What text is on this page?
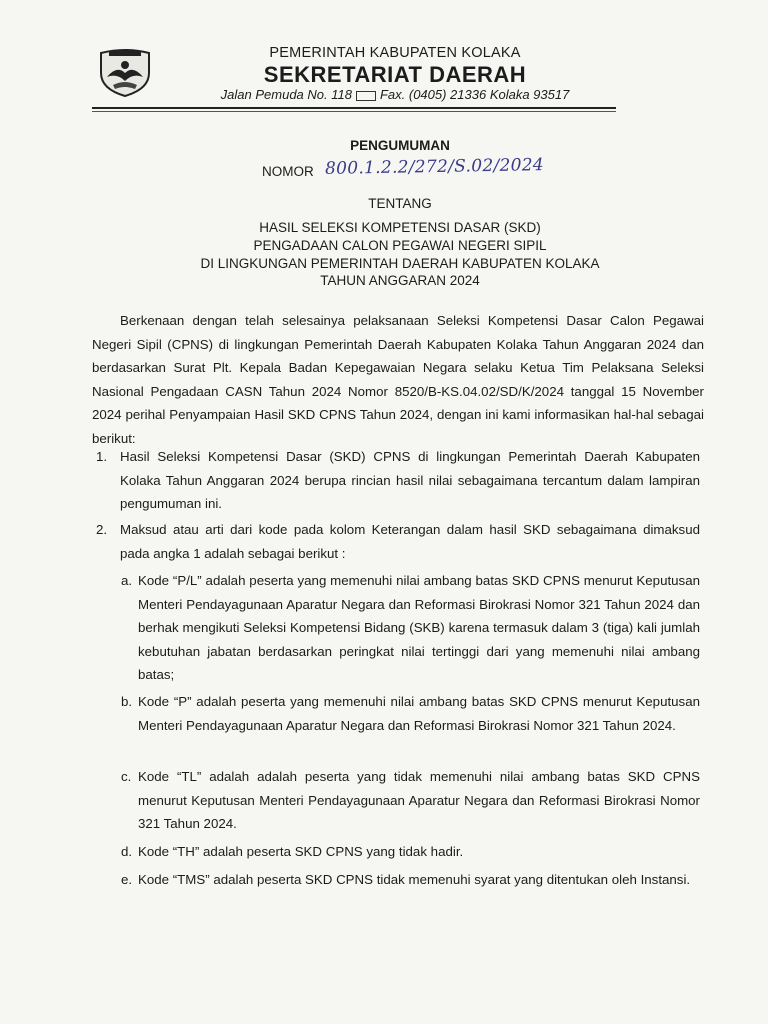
PEMERINTAH KABUPATEN KOLAKA
SEKRETARIAT DAERAH
Jalan Pemuda No. 118 Fax. (0405) 21336 Kolaka 93517
PENGUMUMAN
NOMOR 800.1.2.2/272/S.02/2024
TENTANG
HASIL SELEKSI KOMPETENSI DASAR (SKD)
PENGADAAN CALON PEGAWAI NEGERI SIPIL
DI LINGKUNGAN PEMERINTAH DAERAH KABUPATEN KOLAKA
TAHUN ANGGARAN 2024
Berkenaan dengan telah selesainya pelaksanaan Seleksi Kompetensi Dasar Calon Pegawai Negeri Sipil (CPNS) di lingkungan Pemerintah Daerah Kabupaten Kolaka Tahun Anggaran 2024 dan berdasarkan Surat Plt. Kepala Badan Kepegawaian Negara selaku Ketua Tim Pelaksana Seleksi Nasional Pengadaan CASN Tahun 2024 Nomor 8520/B-KS.04.02/SD/K/2024 tanggal 15 November 2024 perihal Penyampaian Hasil SKD CPNS Tahun 2024, dengan ini kami informasikan hal-hal sebagai berikut:
1. Hasil Seleksi Kompetensi Dasar (SKD) CPNS di lingkungan Pemerintah Daerah Kabupaten Kolaka Tahun Anggaran 2024 berupa rincian hasil nilai sebagaimana tercantum dalam lampiran pengumuman ini.
2. Maksud atau arti dari kode pada kolom Keterangan dalam hasil SKD sebagaimana dimaksud pada angka 1 adalah sebagai berikut :
a. Kode “P/L” adalah peserta yang memenuhi nilai ambang batas SKD CPNS menurut Keputusan Menteri Pendayagunaan Aparatur Negara dan Reformasi Birokrasi Nomor 321 Tahun 2024 dan berhak mengikuti Seleksi Kompetensi Bidang (SKB) karena termasuk dalam 3 (tiga) kali jumlah kebutuhan jabatan berdasarkan peringkat nilai tertinggi dari yang memenuhi nilai ambang batas;
b. Kode “P” adalah peserta yang memenuhi nilai ambang batas SKD CPNS menurut Keputusan Menteri Pendayagunaan Aparatur Negara dan Reformasi Birokrasi Nomor 321 Tahun 2024.
c. Kode “TL” adalah adalah peserta yang tidak memenuhi nilai ambang batas SKD CPNS menurut Keputusan Menteri Pendayagunaan Aparatur Negara dan Reformasi Birokrasi Nomor 321 Tahun 2024.
d. Kode “TH” adalah peserta SKD CPNS yang tidak hadir.
e. Kode “TMS” adalah peserta SKD CPNS tidak memenuhi syarat yang ditentukan oleh Instansi.
